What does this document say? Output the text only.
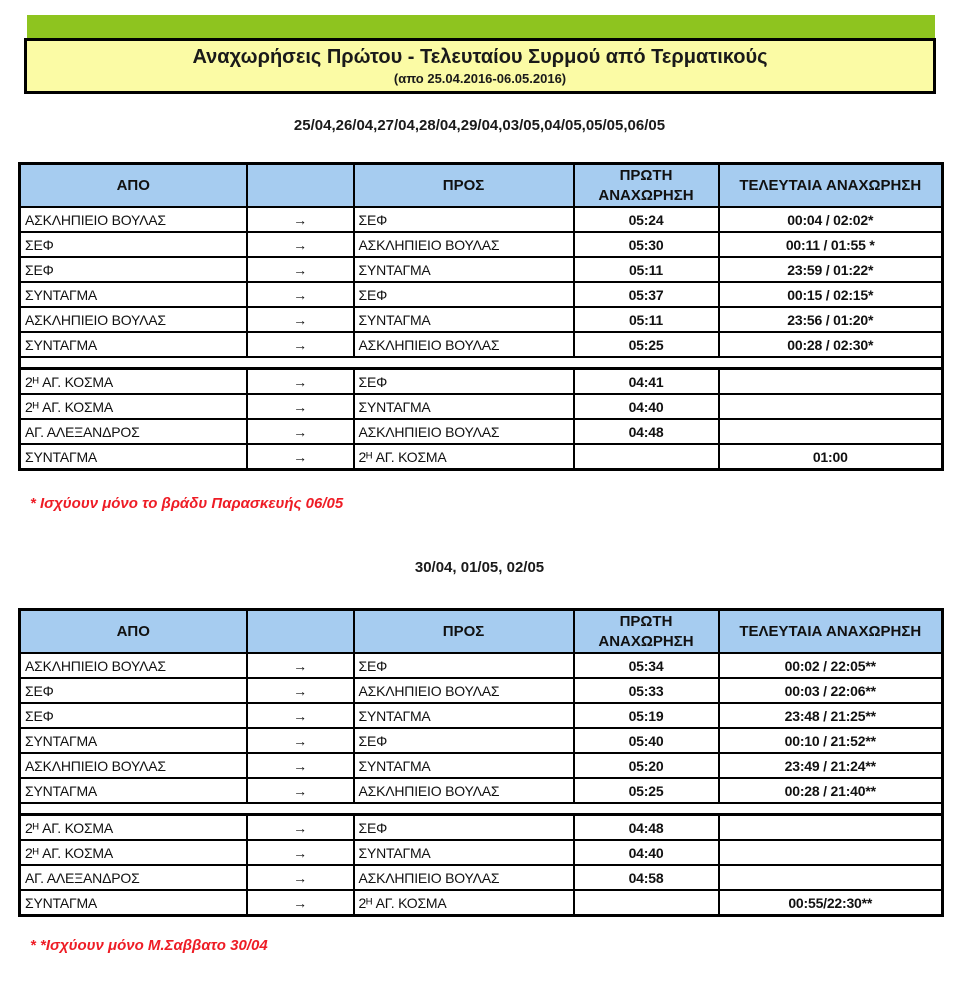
Αναχωρήσεις Πρώτου - Τελευταίου Συρμού από Τερματικούς
(απο 25.04.2016-06.05.2016)
25/04,26/04,27/04,28/04,29/04,03/05,04/05,05/05,06/05
ΑΠΟ		ΠΡΟΣ	ΠΡΩΤΗ ΑΝΑΧΩΡΗΣΗ	ΤΕΛΕΥΤΑΙΑ ΑΝΑΧΩΡΗΣΗ
ΑΣΚΛΗΠΙΕΙΟ ΒΟΥΛΑΣ	→	ΣΕΦ	05:24	00:04 / 02:02*
ΣΕΦ	→	ΑΣΚΛΗΠΙΕΙΟ ΒΟΥΛΑΣ	05:30	00:11 / 01:55 *
ΣΕΦ	→	ΣΥΝΤΑΓΜΑ	05:11	23:59 / 01:22*
ΣΥΝΤΑΓΜΑ	→	ΣΕΦ	05:37	00:15 / 02:15*
ΑΣΚΛΗΠΙΕΙΟ ΒΟΥΛΑΣ	→	ΣΥΝΤΑΓΜΑ	05:11	23:56 / 01:20*
ΣΥΝΤΑΓΜΑ	→	ΑΣΚΛΗΠΙΕΙΟ ΒΟΥΛΑΣ	05:25	00:28 / 02:30*

2ᴴ ΑΓ. ΚΟΣΜΑ	→	ΣΕΦ	04:41	
2ᴴ ΑΓ. ΚΟΣΜΑ	→	ΣΥΝΤΑΓΜΑ	04:40	
ΑΓ. ΑΛΕΞΑΝΔΡΟΣ	→	ΑΣΚΛΗΠΙΕΙΟ ΒΟΥΛΑΣ	04:48	
ΣΥΝΤΑΓΜΑ	→	2ᴴ ΑΓ. ΚΟΣΜΑ		01:00
* Ισχύουν μόνο το βράδυ Παρασκευής 06/05
30/04, 01/05, 02/05
ΑΠΟ		ΠΡΟΣ	ΠΡΩΤΗ ΑΝΑΧΩΡΗΣΗ	ΤΕΛΕΥΤΑΙΑ ΑΝΑΧΩΡΗΣΗ
ΑΣΚΛΗΠΙΕΙΟ ΒΟΥΛΑΣ	→	ΣΕΦ	05:34	00:02 / 22:05**
ΣΕΦ	→	ΑΣΚΛΗΠΙΕΙΟ ΒΟΥΛΑΣ	05:33	00:03 / 22:06**
ΣΕΦ	→	ΣΥΝΤΑΓΜΑ	05:19	23:48 / 21:25**
ΣΥΝΤΑΓΜΑ	→	ΣΕΦ	05:40	00:10 / 21:52**
ΑΣΚΛΗΠΙΕΙΟ ΒΟΥΛΑΣ	→	ΣΥΝΤΑΓΜΑ	05:20	23:49 / 21:24**
ΣΥΝΤΑΓΜΑ	→	ΑΣΚΛΗΠΙΕΙΟ ΒΟΥΛΑΣ	05:25	00:28 / 21:40**

2ᴴ ΑΓ. ΚΟΣΜΑ	→	ΣΕΦ	04:48	
2ᴴ ΑΓ. ΚΟΣΜΑ	→	ΣΥΝΤΑΓΜΑ	04:40	
ΑΓ. ΑΛΕΞΑΝΔΡΟΣ	→	ΑΣΚΛΗΠΙΕΙΟ ΒΟΥΛΑΣ	04:58	
ΣΥΝΤΑΓΜΑ	→	2ᴴ ΑΓ. ΚΟΣΜΑ		00:55/22:30**
* *Ισχύουν μόνο Μ.Σαββατο 30/04
